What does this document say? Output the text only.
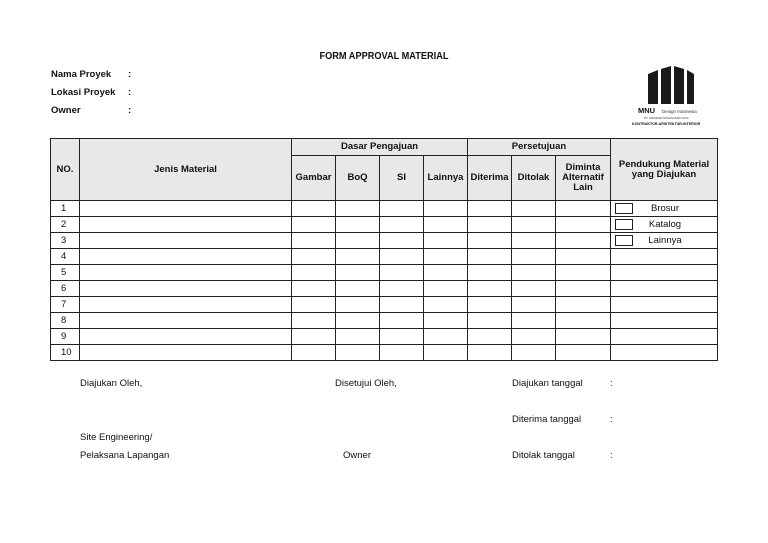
FORM APPROVAL MATERIAL
Nama Proyek :
Lokasi Proyek :
Owner	:	MNU Design Indonesia
PT. MANDIRI NUSANTARA JAYA
KONTRAKTOR-ARSITEKTUR-INTERIOR
NO.	Jenis Material	Dasar Pengajuan				Persetujuan			Pendukung Material yang Diajukan
		Gambar	BoQ	SI	Lainnya	Diterima	Ditolak	Diminta Alternatif Lain	
1									Brosur

2									Katalog

3									Lainnya

4									
5									
6									
7									
8									
9									
10									
Diajukan Oleh,	Disetujui Oleh,	Diajukan tanggal	:
Diterima tanggal	:
Site Engineering/
Pelaksana Lapangan	Owner	Ditolak tanggal	:
